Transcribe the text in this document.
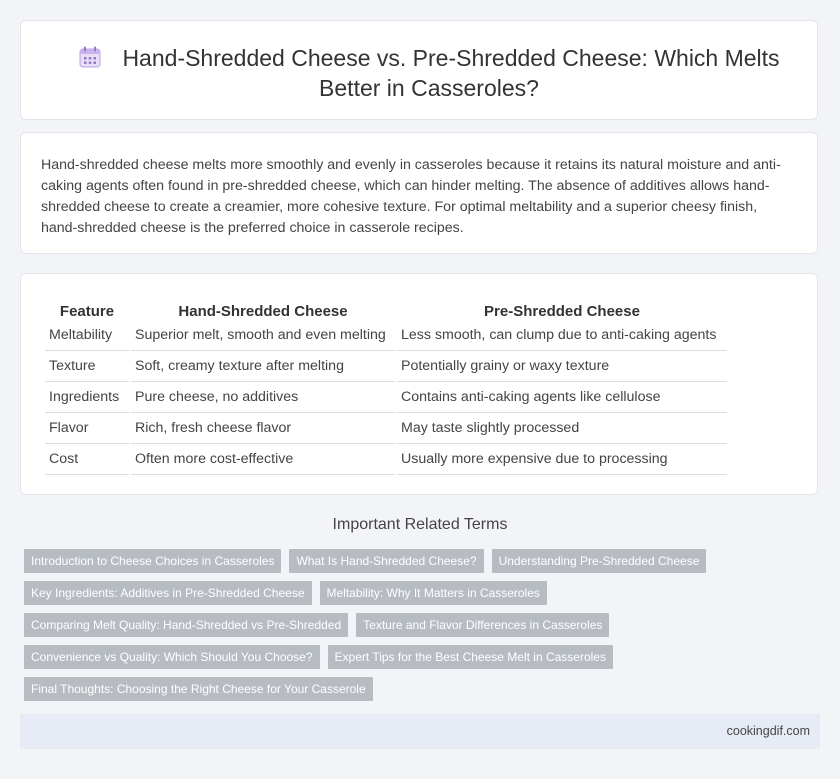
Hand-Shredded Cheese vs. Pre-Shredded Cheese: Which Melts Better in Casseroles?

Hand-shredded cheese melts more smoothly and evenly in casseroles because it retains its natural moisture and anti-caking agents often found in pre-shredded cheese, which can hinder melting. The absence of additives allows hand-shredded cheese to create a creamier, more cohesive texture. For optimal meltability and a superior cheesy finish, hand-shredded cheese is the preferred choice in casserole recipes.

Feature	Hand-Shredded Cheese	Pre-Shredded Cheese
Meltability	Superior melt, smooth and even melting	Less smooth, can clump due to anti-caking agents
Texture	Soft, creamy texture after melting	Potentially grainy or waxy texture
Ingredients	Pure cheese, no additives	Contains anti-caking agents like cellulose
Flavor	Rich, fresh cheese flavor	May taste slightly processed
Cost	Often more cost-effective	Usually more expensive due to processing
Important Related Terms
Introduction to Cheese Choices in Casseroles	What Is Hand-Shredded Cheese?	Understanding Pre-Shredded Cheese
Key Ingredients: Additives in Pre-Shredded Cheese	Meltability: Why It Matters in Casseroles
Comparing Melt Quality: Hand-Shredded vs Pre-Shredded	Texture and Flavor Differences in Casseroles
Convenience vs Quality: Which Should You Choose?	Expert Tips for the Best Cheese Melt in Casseroles
Final Thoughts: Choosing the Right Cheese for Your Casserole
cookingdif.com
